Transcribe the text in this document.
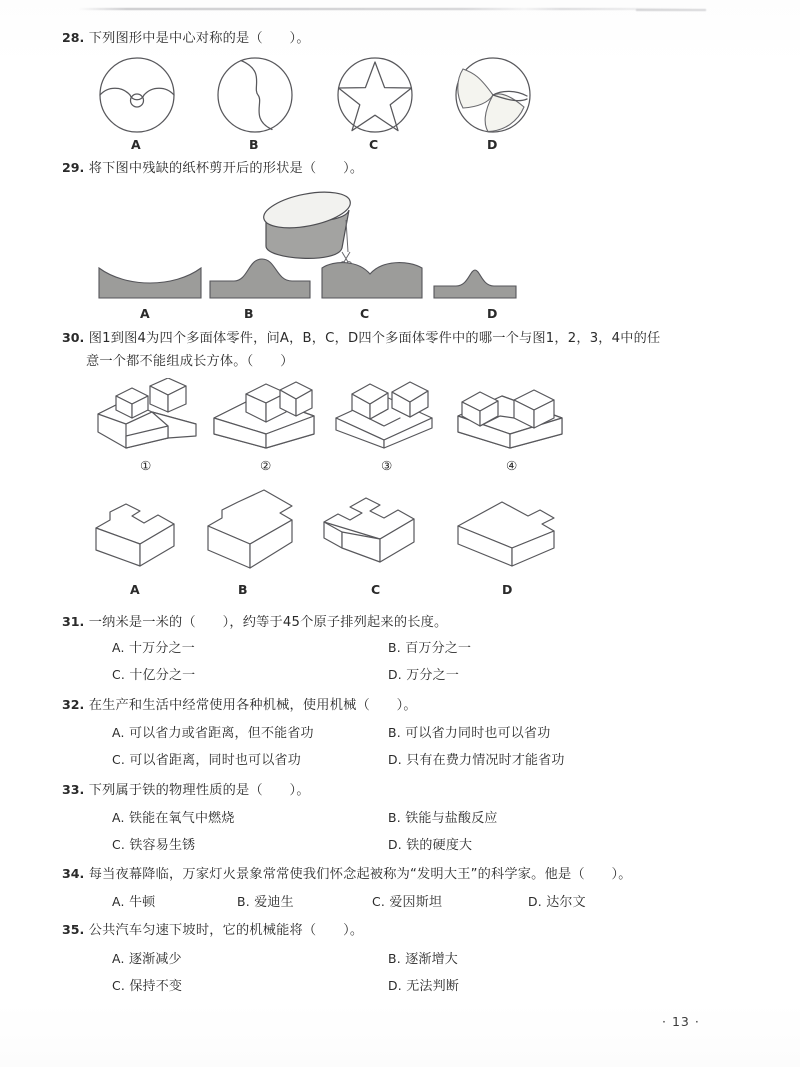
28. 下列图形中是中心对称的是（　　）。
A	B	C	D
29. 将下图中残缺的纸杯剪开后的形状是（　　）。
A	B	C	D
30. 图1到图4为四个多面体零件，问A，B，C，D四个多面体零件中的哪一个与图1，2，3，4中的任
意一个都不能组成长方体。（　　）
①	②	③	④
A	B	C	D
31. 一纳米是一米的（　　），约等于45个原子排列起来的长度。
A. 十万分之一	B. 百万分之一
C. 十亿分之一	D. 万分之一
32. 在生产和生活中经常使用各种机械，使用机械（　　）。
A. 可以省力或省距离，但不能省功	B. 可以省力同时也可以省功
C. 可以省距离，同时也可以省功	D. 只有在费力情况时才能省功
33. 下列属于铁的物理性质的是（　　）。
A. 铁能在氧气中燃烧	B. 铁能与盐酸反应
C. 铁容易生锈	D. 铁的硬度大
34. 每当夜幕降临，万家灯火景象常常使我们怀念起被称为“发明大王”的科学家。他是（　　）。
A. 牛顿	B. 爱迪生	C. 爱因斯坦	D. 达尔文
35. 公共汽车匀速下坡时，它的机械能将（　　）。
A. 逐渐减少	B. 逐渐增大
C. 保持不变	D. 无法判断
· 13 ·
